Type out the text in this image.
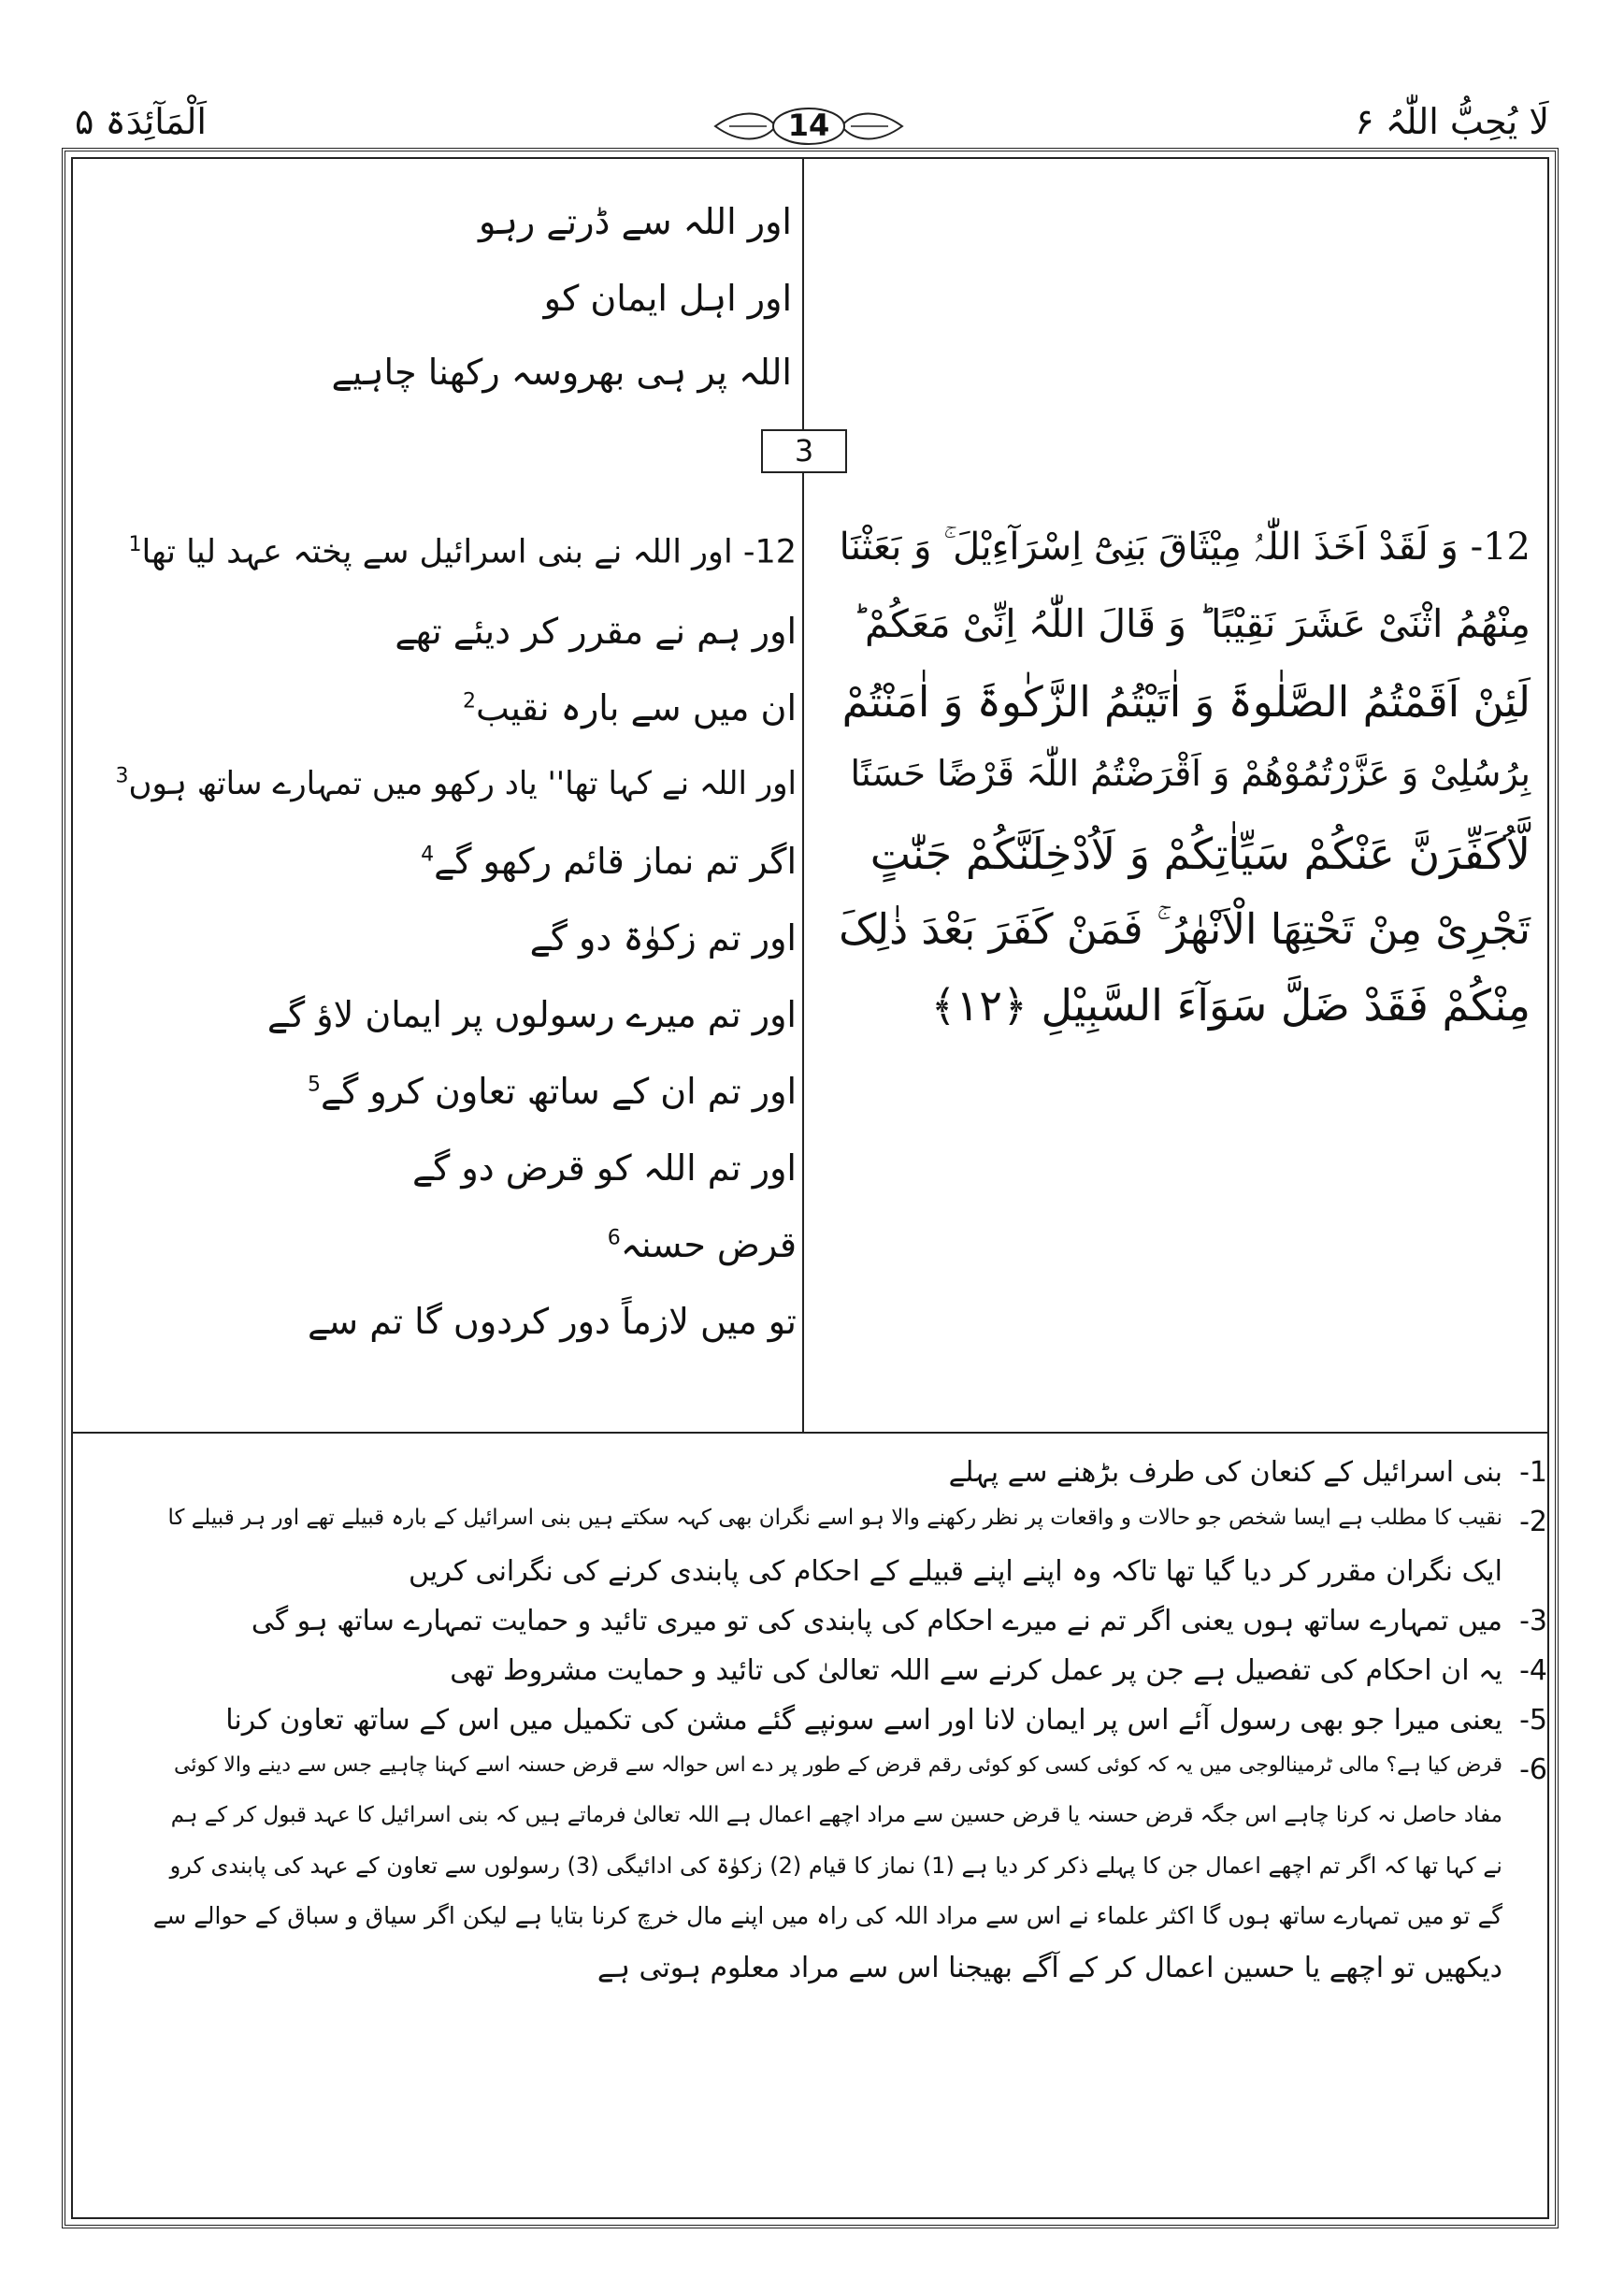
لَا یُحِبُّ اللّٰہُ ۶
اَلْمَآئِدَۃ ۵	14
اور اللہ سے ڈرتے رہو
اور اہل ایمان کو
اللہ پر ہی بھروسہ رکھنا چاہیے
3
12- وَ لَقَدْ اَخَذَ اللّٰہُ مِیْثَاقَ بَنِیْٓ اِسْرَآءِیْلَ ۚ وَ بَعَثْنَا
مِنْھُمُ اثْنَیْ عَشَرَ نَقِیْبًا ؕ وَ قَالَ اللّٰہُ اِنِّیْ مَعَکُمْ ؕ
لَئِنْ اَقَمْتُمُ الصَّلٰوۃَ وَ اٰتَیْتُمُ الزَّکٰوۃَ وَ اٰمَنْتُمْ
بِرُسُلِیْ وَ عَزَّرْتُمُوْھُمْ وَ اَقْرَضْتُمُ اللّٰہَ قَرْضًا حَسَنًا
لَّاُکَفِّرَنَّ عَنْکُمْ سَیِّاٰتِکُمْ وَ لَاُدْخِلَنَّکُمْ جَنّٰتٍ
تَجْرِیْ مِنْ تَحْتِھَا الْاَنْھٰرُ ۚ فَمَنْ کَفَرَ بَعْدَ ذٰلِکَ
مِنْکُمْ فَقَدْ ضَلَّ سَوَآءَ السَّبِیْلِ ﴿۱۲﴾
12- اور اللہ نے بنی اسرائیل سے پختہ عہد لیا تھا$^1$
اور ہم نے مقرر کر دیئے تھے
ان میں سے بارہ نقیب$^2$
اور اللہ نے کہا تھا'' یاد رکھو میں تمہارے ساتھ ہوں$^3$
اگر تم نماز قائم رکھو گے$^4$
اور تم زکوٰۃ دو گے
اور تم میرے رسولوں پر ایمان لاؤ گے
اور تم ان کے ساتھ تعاون کرو گے$^5$
اور تم اللہ کو قرض دو گے
قرض حسنہ$^6$
تو میں لازماً دور کردوں گا تم سے
-1
بنی اسرائیل کے کنعان کی طرف بڑھنے سے پہلے
-2
نقیب کا مطلب ہے ایسا شخص جو حالات و واقعات پر نظر رکھنے والا ہو اسے نگران بھی کہہ سکتے ہیں بنی اسرائیل کے بارہ قبیلے تھے اور ہر قبیلے کا
ایک نگران مقرر کر دیا گیا تھا تاکہ وہ اپنے اپنے قبیلے کے احکام کی پابندی کرنے کی نگرانی کریں
-3
میں تمہارے ساتھ ہوں یعنی اگر تم نے میرے احکام کی پابندی کی تو میری تائید و حمایت تمہارے ساتھ ہو گی
-4
یہ ان احکام کی تفصیل ہے جن پر عمل کرنے سے اللہ تعالیٰ کی تائید و حمایت مشروط تھی
-5
یعنی میرا جو بھی رسول آئے اس پر ایمان لانا اور اسے سونپے گئے مشن کی تکمیل میں اس کے ساتھ تعاون کرنا
-6
قرض کیا ہے؟ مالی ٹرمینالوجی میں یہ کہ کوئی کسی کو کوئی رقم قرض کے طور پر دے اس حوالہ سے قرض حسنہ اسے کہنا چاہیے جس سے دینے والا کوئی
مفاد حاصل نہ کرنا چاہے اس جگہ قرض حسنہ یا قرض حسین سے مراد اچھے اعمال ہے اللہ تعالیٰ فرماتے ہیں کہ بنی اسرائیل کا عہد قبول کر کے ہم
نے کہا تھا کہ اگر تم اچھے اعمال جن کا پہلے ذکر کر دیا ہے (1) نماز کا قیام (2) زکوٰۃ کی ادائیگی (3) رسولوں سے تعاون کے عہد کی پابندی کرو
گے تو میں تمہارے ساتھ ہوں گا اکثر علماء نے اس سے مراد اللہ کی راہ میں اپنے مال خرچ کرنا بتایا ہے لیکن اگر سیاق و سباق کے حوالے سے
دیکھیں تو اچھے یا حسین اعمال کر کے آگے بھیجنا اس سے مراد معلوم ہوتی ہے
